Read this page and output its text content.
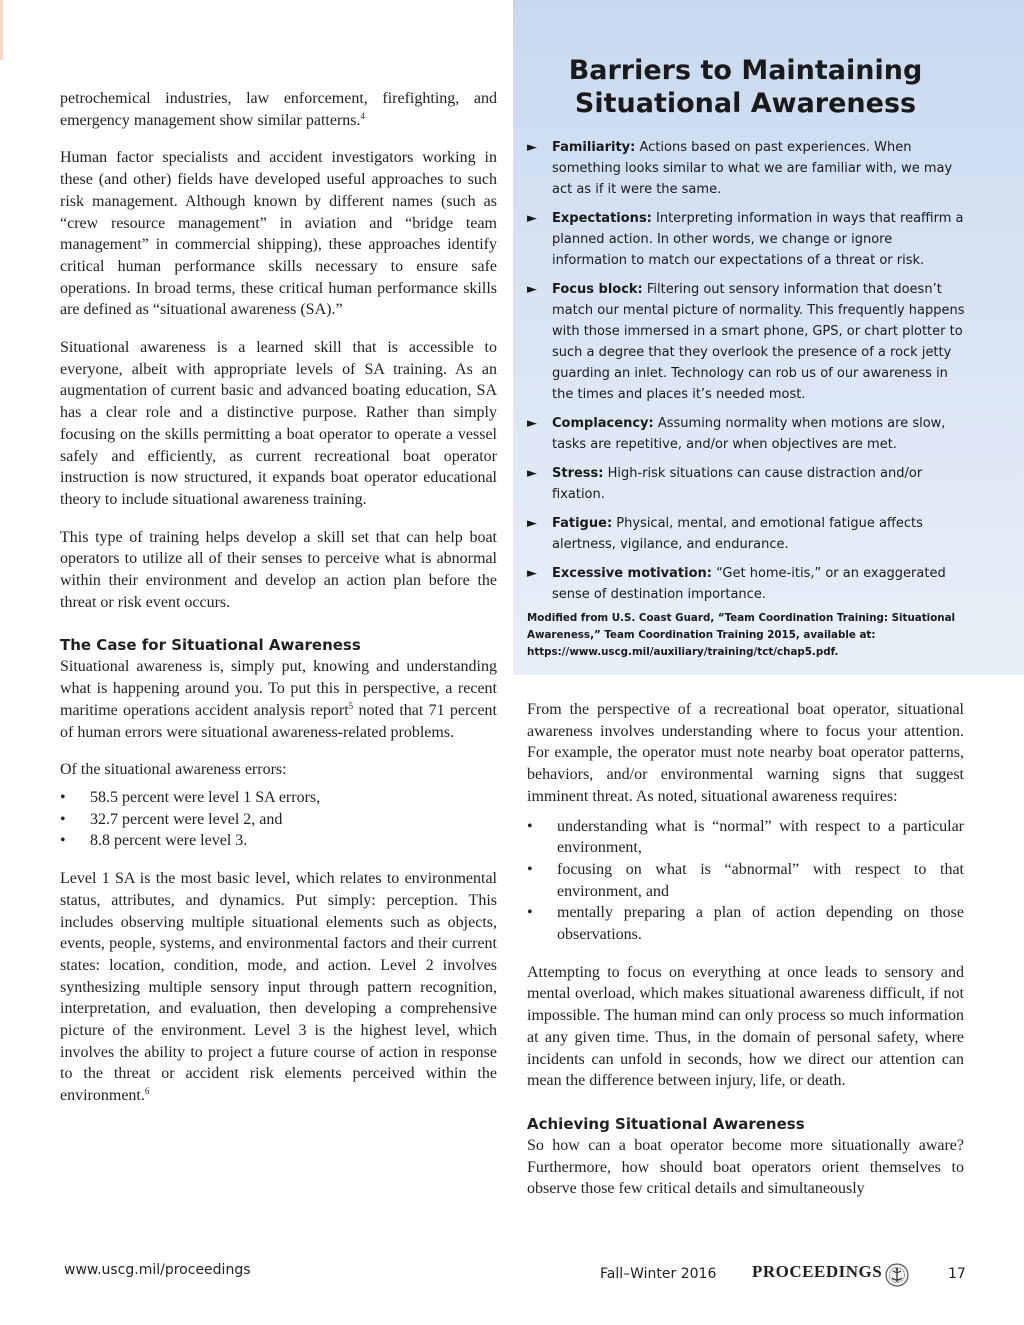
petrochemical industries, law enforcement, firefighting, and emergency management show similar patterns.$^4$

Human factor specialists and accident investigators working in these (and other) fields have developed useful approaches to such risk management. Although known by different names (such as “crew resource management” in aviation and “bridge team management” in commercial shipping), these approaches identify critical human performance skills necessary to ensure safe operations. In broad terms, these critical human performance skills are defined as “situational awareness (SA).”

Situational awareness is a learned skill that is accessible to everyone, albeit with appropriate levels of SA training. As an augmentation of current basic and advanced boating education, SA has a clear role and a distinctive purpose. Rather than simply focusing on the skills permitting a boat operator to operate a vessel safely and efficiently, as current recreational boat operator instruction is now structured, it expands boat operator educational theory to include situational awareness training.

This type of training helps develop a skill set that can help boat operators to utilize all of their senses to perceive what is abnormal within their environment and develop an action plan before the threat or risk event occurs.

The Case for Situational Awareness

Situational awareness is, simply put, knowing and understanding what is happening around you. To put this in perspective, a recent maritime operations accident analysis report$^5$ noted that 71 percent of human errors were situational awareness-related problems.

Of the situational awareness errors:

• 58.5 percent were level 1 SA errors,
• 32.7 percent were level 2, and
• 8.8 percent were level 3.

Level 1 SA is the most basic level, which relates to environmental status, attributes, and dynamics. Put simply: perception. This includes observing multiple situational elements such as objects, events, people, systems, and environmental factors and their current states: location, condition, mode, and action. Level 2 involves synthesizing multiple sensory input through pattern recognition, interpretation, and evaluation, then developing a comprehensive picture of the environment. Level 3 is the highest level, which involves the ability to project a future course of action in response to the threat or accident risk elements perceived within the environment.$^6$

Barriers to Maintaining
Situational Awareness
► Familiarity: Actions based on past experiences. When something looks similar to what we are familiar with, we may act as if it were the same.
► Expectations: Interpreting information in ways that reaffirm a planned action. In other words, we change or ignore information to match our expectations of a threat or risk.
► Focus block: Filtering out sensory information that doesn’t match our mental picture of normality. This frequently happens with those immersed in a smart phone, GPS, or chart plotter to such a degree that they overlook the presence of a rock jetty guarding an inlet. Technology can rob us of our awareness in the times and places it’s needed most.
► Complacency: Assuming normality when motions are slow, tasks are repetitive, and/or when objectives are met.
► Stress: High-risk situations can cause distraction and/or fixation.
► Fatigue: Physical, mental, and emotional fatigue affects alertness, vigilance, and endurance.
► Excessive motivation: “Get home-itis,” or an exaggerated sense of destination importance.
Modified from U.S. Coast Guard, “Team Coordination Training: Situational Awareness,” Team Coordination Training 2015, available at: https://www.uscg.mil/auxiliary/training/tct/chap5.pdf.

From the perspective of a recreational boat operator, situational awareness involves understanding where to focus your attention. For example, the operator must note nearby boat operator patterns, behaviors, and/or environmental warning signs that suggest imminent threat. As noted, situational awareness requires:

• understanding what is “normal” with respect to a particular environment,
• focusing on what is “abnormal” with respect to that environment, and
• mentally preparing a plan of action depending on those observations.

Attempting to focus on everything at once leads to sensory and mental overload, which makes situational awareness difficult, if not impossible. The human mind can only process so much information at any given time. Thus, in the domain of personal safety, where incidents can unfold in seconds, how we direct our attention can mean the difference between injury, life, or death.

Achieving Situational Awareness

So how can a boat operator become more situationally aware? Furthermore, how should boat operators orient themselves to observe those few critical details and simultaneously

www.uscg.mil/proceedings	Fall–Winter 2016 PROCEEDINGS	17
